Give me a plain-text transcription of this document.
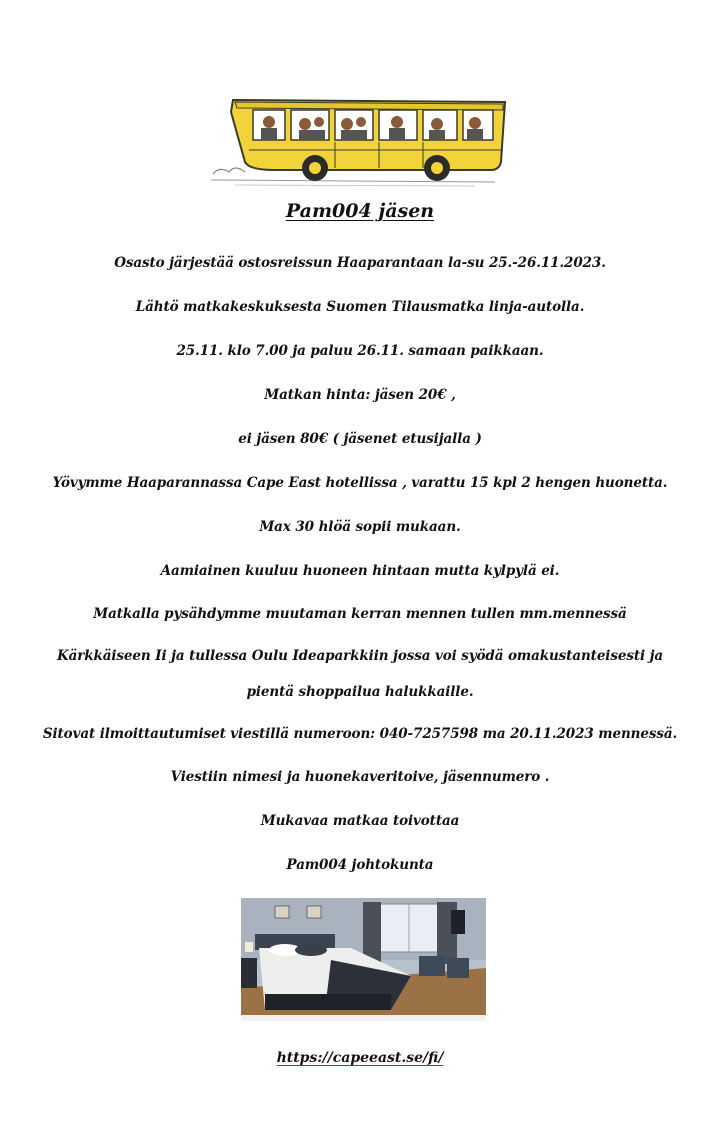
Pam004 jäsen
Osasto järjestää ostosreissun Haaparantaan la-su 25.-26.11.2023.
Lähtö matkakeskuksesta Suomen Tilausmatka linja-autolla.
25.11. klo 7.00 ja paluu 26.11. samaan paikkaan.
Matkan hinta: jäsen 20€ ,
ei jäsen 80€ ( jäsenet etusijalla )
Yövymme Haaparannassa Cape East hotellissa , varattu 15 kpl 2 hengen huonetta.
Max 30 hlöä sopii mukaan.
Aamiainen kuuluu huoneen hintaan mutta kylpylä ei.
Matkalla pysähdymme muutaman kerran mennen tullen mm.mennessä
Kärkkäiseen Ii ja tullessa Oulu Ideaparkkiin jossa voi syödä omakustanteisesti ja pientä shoppailua halukkaille.
Sitovat ilmoittautumiset viestillä numeroon: 040-7257598 ma 20.11.2023 mennessä.
Viestiin nimesi ja huonekaveritoive, jäsennumero .
Mukavaa matkaa toivottaa
Pam004 johtokunta
https://capeeast.se/fi/
